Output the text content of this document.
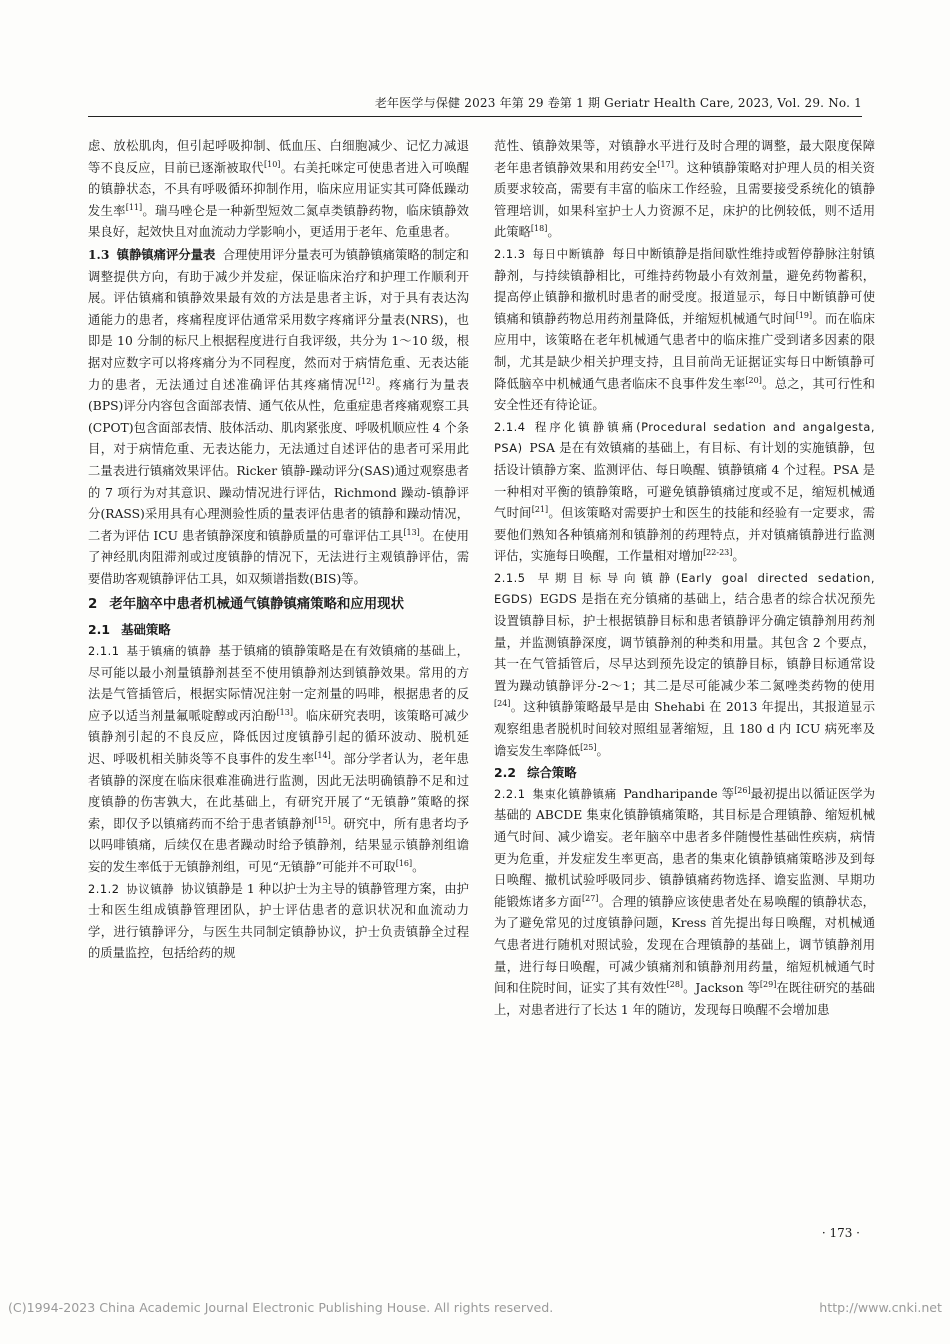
老年医学与保健 2023 年第 29 卷第 1 期 Geriatr Health Care, 2023, Vol. 29. No. 1

虑、放松肌肉，但引起呼吸抑制、低血压、白细胞减少、记忆力减退等不良反应，目前已逐渐被取代[10]。右美托咪定可使患者进入可唤醒的镇静状态，不具有呼吸循环抑制作用，临床应用证实其可降低躁动发生率[11]。瑞马唑仑是一种新型短效二氮卓类镇静药物，临床镇静效果良好，起效快且对血流动力学影响小，更适用于老年、危重患者。

1.3 镇静镇痛评分量表 合理使用评分量表可为镇静镇痛策略的制定和调整提供方向，有助于减少并发症，保证临床治疗和护理工作顺利开展。评估镇痛和镇静效果最有效的方法是患者主诉，对于具有表达沟通能力的患者，疼痛程度评估通常采用数字疼痛评分量表(NRS)，也即是 10 分制的标尺上根据程度进行自我评级，共分为 1～10 级，根据对应数字可以将疼痛分为不同程度，然而对于病情危重、无表达能力的患者，无法通过自述准确评估其疼痛情况[12]。疼痛行为量表(BPS)评分内容包含面部表情、通气依从性，危重症患者疼痛观察工具(CPOT)包含面部表情、肢体活动、肌肉紧张度、呼吸机顺应性 4 个条目，对于病情危重、无表达能力，无法通过自述评估的患者可采用此二量表进行镇痛效果评估。Ricker 镇静-躁动评分(SAS)通过观察患者的 7 项行为对其意识、躁动情况进行评估，Richmond 躁动-镇静评分(RASS)采用具有心理测验性质的量表评估患者的镇静和躁动情况，二者为评估 ICU 患者镇静深度和镇静质量的可靠评估工具[13]。在使用了神经肌肉阻滞剂或过度镇静的情况下，无法进行主观镇静评估，需要借助客观镇静评估工具，如双频谱指数(BIS)等。

2 老年脑卒中患者机械通气镇静镇痛策略和应用现状
2.1 基础策略

2.1.1 基于镇痛的镇静 基于镇痛的镇静策略是在有效镇痛的基础上，尽可能以最小剂量镇静剂甚至不使用镇静剂达到镇静效果。常用的方法是气管插管后，根据实际情况注射一定剂量的吗啡，根据患者的反应予以适当剂量氟哌啶醇或丙泊酚[13]。临床研究表明，该策略可减少镇静剂引起的不良反应，降低因过度镇静引起的循环波动、脱机延迟、呼吸机相关肺炎等不良事件的发生率[14]。部分学者认为，老年患者镇静的深度在临床很难准确进行监测，因此无法明确镇静不足和过度镇静的伤害孰大，在此基础上，有研究开展了“无镇静”策略的探索，即仅予以镇痛药而不给于患者镇静剂[15]。研究中，所有患者均予以吗啡镇痛，后续仅在患者躁动时给予镇静剂，结果显示镇静剂组谵妄的发生率低于无镇静剂组，可见“无镇静”可能并不可取[16]。

2.1.2 协议镇静 协议镇静是 1 种以护士为主导的镇静管理方案，由护士和医生组成镇静管理团队，护士评估患者的意识状况和血流动力学，进行镇静评分，与医生共同制定镇静协议，护士负责镇静全过程的质量监控，包括给药的规

范性、镇静效果等，对镇静水平进行及时合理的调整，最大限度保障老年患者镇静效果和用药安全[17]。这种镇静策略对护理人员的相关资质要求较高，需要有丰富的临床工作经验，且需要接受系统化的镇静管理培训，如果科室护士人力资源不足，床护的比例较低，则不适用此策略[18]。

2.1.3 每日中断镇静 每日中断镇静是指间歇性维持或暂停静脉注射镇静剂，与持续镇静相比，可维持药物最小有效剂量，避免药物蓄积，提高停止镇静和撤机时患者的耐受度。报道显示，每日中断镇静可使镇痛和镇静药物总用药剂量降低，并缩短机械通气时间[19]。而在临床应用中，该策略在老年机械通气患者中的临床推广受到诸多因素的限制，尤其是缺少相关护理支持，且目前尚无证据证实每日中断镇静可降低脑卒中机械通气患者临床不良事件发生率[20]。总之，其可行性和安全性还有待论证。

2.1.4 程序化镇静镇痛(Procedural sedation and angalgesta, PSA) PSA 是在有效镇痛的基础上，有目标、有计划的实施镇静，包括设计镇静方案、监测评估、每日唤醒、镇静镇痛 4 个过程。PSA 是一种相对平衡的镇静策略，可避免镇静镇痛过度或不足，缩短机械通气时间[21]。但该策略对需要护士和医生的技能和经验有一定要求，需要他们熟知各种镇痛剂和镇静剂的药理特点，并对镇痛镇静进行监测评估，实施每日唤醒，工作量相对增加[22-23]。

2.1.5 早期目标导向镇静(Early goal directed sedation, EGDS) EGDS 是指在充分镇痛的基础上，结合患者的综合状况预先设置镇静目标，护士根据镇静目标和患者镇静评分确定镇静剂用药剂量，并监测镇静深度，调节镇静剂的种类和用量。其包含 2 个要点，其一在气管插管后，尽早达到预先设定的镇静目标，镇静目标通常设置为躁动镇静评分-2～1；其二是尽可能减少苯二氮唑类药物的使用[24]。这种镇静策略最早是由 Shehabi 在 2013 年提出，其报道显示观察组患者脱机时间较对照组显著缩短，且 180 d 内 ICU 病死率及谵妄发生率降低[25]。

2.2 综合策略

2.2.1 集束化镇静镇痛 Pandharipande 等[26]最初提出以循证医学为基础的 ABCDE 集束化镇静镇痛策略，其目标是合理镇静、缩短机械通气时间、减少谵妄。老年脑卒中患者多伴随慢性基础性疾病，病情更为危重，并发症发生率更高，患者的集束化镇静镇痛策略涉及到每日唤醒、撤机试验呼吸同步、镇静镇痛药物选择、谵妄监测、早期功能锻炼诸多方面[27]。合理的镇静应该使患者处在易唤醒的镇静状态，为了避免常见的过度镇静问题，Kress 首先提出每日唤醒，对机械通气患者进行随机对照试验，发现在合理镇静的基础上，调节镇静剂用量，进行每日唤醒，可减少镇痛剂和镇静剂用药量，缩短机械通气时间和住院时间，证实了其有效性[28]。Jackson 等[29]在既往研究的基础上，对患者进行了长达 1 年的随访，发现每日唤醒不会增加患

· 173 ·
(C)1994-2023 China Academic Journal Electronic Publishing House. All rights reserved.	http://www.cnki.net
